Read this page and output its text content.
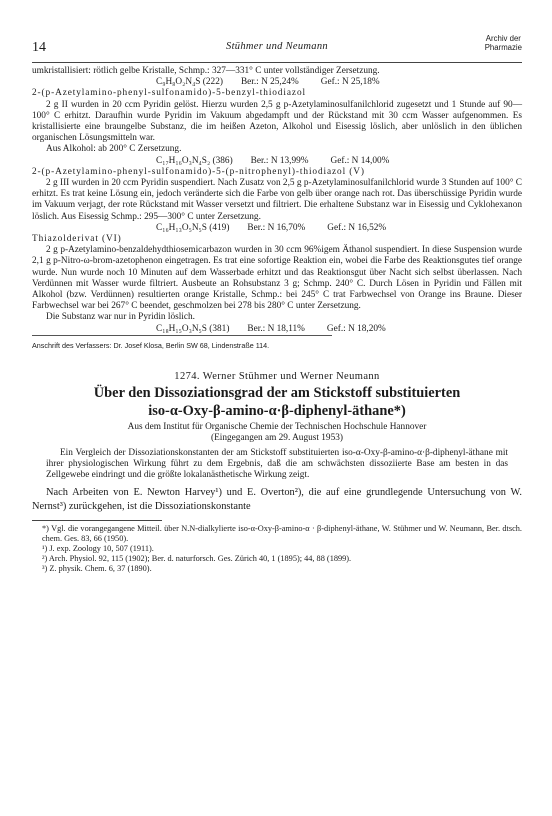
14	Stühmer und Neumann
Archiv der
Pharmazie

umkristallisiert: rötlich gelbe Kristalle, Schmp.: 327—331° C unter vollständiger Zersetzung.

C₉H₈O₂N₄S (222) Ber.: N 25,24% Gef.: N 25,18%

2-(p-Azetylamino-phenyl-sulfonamido)-5-benzyl-thiodiazol

2 g II wurden in 20 ccm Pyridin gelöst. Hierzu wurden 2,5 g p-Azetylaminosulfanilchlorid zugesetzt und 1 Stunde auf 90—100° C erhitzt. Daraufhin wurde Pyridin im Vakuum abgedampft und der Rückstand mit 30 ccm Wasser aufgenommen. Es kristallisierte eine braungelbe Substanz, die im heißen Azeton, Alkohol und Eisessig löslich, aber unlöslich in den üblichen organischen Lösungsmitteln war.

Aus Alkohol: ab 200° C Zersetzung.

C₁₇H₁₆O₃N₄S₂ (386) Ber.: N 13,99% Gef.: N 14,00%

2-(p-Azetylamino-phenyl-sulfonamido)-5-(p-nitrophenyl)-thiodiazol (V)

2 g III wurden in 20 ccm Pyridin suspendiert. Nach Zusatz von 2,5 g p-Azetylaminosulfanilchlorid wurde 3 Stunden auf 100° C erhitzt. Es trat keine Lösung ein, jedoch veränderte sich die Farbe von gelb über orange nach rot. Das überschüssige Pyridin wurde im Vakuum verjagt, der rote Rückstand mit Wasser versetzt und filtriert. Die erhaltene Substanz war in Eisessig und Cyklohexanon löslich. Aus Eisessig Schmp.: 295—300° C unter Zersetzung.

C₁₆H₁₃O₅N₅S (419) Ber.: N 16,70% Gef.: N 16,52%

Thiazolderivat (VI)

2 g p-Azetylamino-benzaldehydthiosemicarbazon wurden in 30 ccm 96%igem Äthanol suspendiert. In diese Suspension wurde 2,1 g p-Nitro-ω-brom-azetophenon eingetragen. Es trat eine sofortige Reaktion ein, wobei die Farbe des Reaktionsgutes tief orange wurde. Nun wurde noch 10 Minuten auf dem Wasserbade erhitzt und das Reaktionsgut über Nacht sich selbst überlassen. Nach Verdünnen mit Wasser wurde filtriert. Ausbeute an Rohsubstanz 3 g; Schmp. 240° C. Durch Lösen in Pyridin und Fällen mit Alkohol (bzw. Verdünnen) resultierten orange Kristalle, Schmp.: bei 245° C trat Farbwechsel von Orange ins Braune. Dieser Farbwechsel war bei 267° C beendet, geschmolzen bei 278 bis 280° C unter Zersetzung.

Die Substanz war nur in Pyridin löslich.

C₁₈H₁₅O₃N₅S (381) Ber.: N 18,11% Gef.: N 18,20%

Anschrift des Verfassers: Dr. Josef Klosa, Berlin SW 68, Lindenstraße 114.

1274. Werner Stühmer und Werner Neumann

Über den Dissoziationsgrad der am Stickstoff substituierten
iso-α-Oxy-β-amino-α·β-diphenyl-äthane*)

Aus dem Institut für Organische Chemie der Technischen Hochschule Hannover

(Eingegangen am 29. August 1953)

Ein Vergleich der Dissoziationskonstanten der am Stickstoff substituierten iso-α-Oxy-β-amino-α·β-diphenyl-äthane mit ihrer physiologischen Wirkung führt zu dem Ergebnis, daß die am schwächsten dissoziierte Base am besten in das Zellgewebe eindringt und die größte lokalanästhetische Wirkung zeigt.

Nach Arbeiten von E. Newton Harvey¹) und E. Overton²), die auf eine grundlegende Untersuchung von W. Nernst³) zurückgehen, ist die Dissoziationskonstante

*) Vgl. die vorangegangene Mitteil. über N.N-dialkylierte iso-α-Oxy-β-amino-α · β-diphenyl-äthane, W. Stühmer und W. Neumann, Ber. dtsch. chem. Ges. 83, 66 (1950).

¹) J. exp. Zoology 10, 507 (1911).

²) Arch. Physiol. 92, 115 (1902); Ber. d. naturforsch. Ges. Zürich 40, 1 (1895); 44, 88 (1899).

³) Z. physik. Chem. 6, 37 (1890).
